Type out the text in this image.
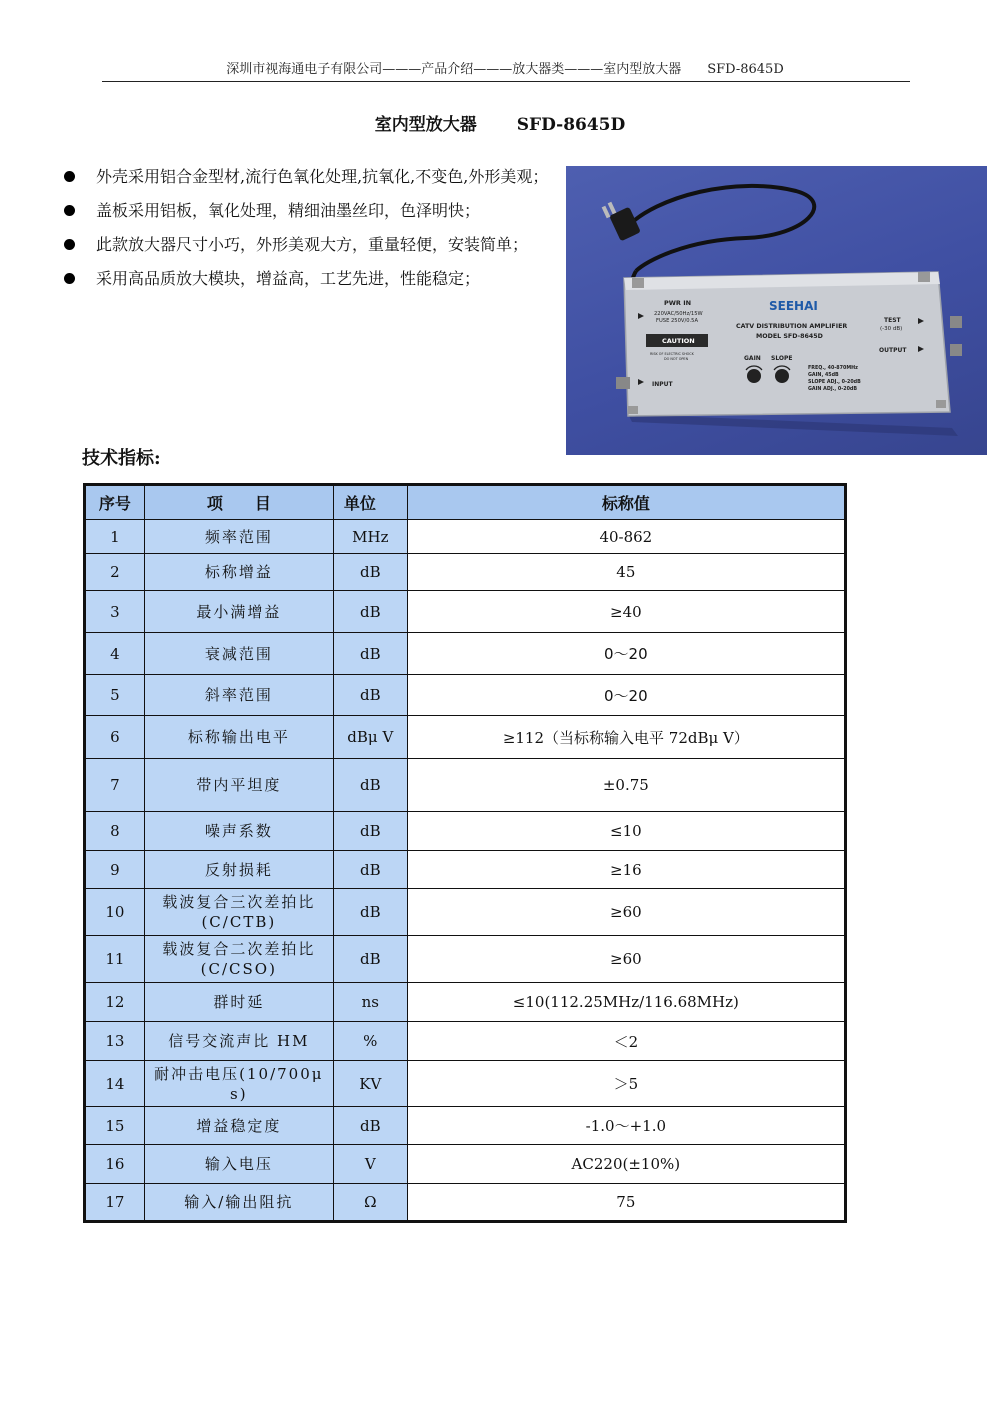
深圳市视海通电子有限公司———产品介绍———放大器类———室内型放大器　　SFD-8645D
室内型放大器 SFD-8645D
外壳采用铝合金型材,流行色氧化处理,抗氧化,不变色,外形美观；
盖板采用铝板，氧化处理，精细油墨丝印，色泽明快；
此款放大器尺寸小巧，外形美观大方，重量轻便，安装简单；
采用高品质放大模块，增益高，工艺先进，性能稳定；
PWR IN
220VAC/50Hz/15W
FUSE 250V/0.5A
CAUTION
RISK OF ELECTRIC SHOCK
DO NOT OPEN
SEEHAI
CATV DISTRIBUTION AMPLIFIER
MODEL SFD-8645D
TEST
(-30 dB)
OUTPUT
INPUT
GAIN SLOPE
FREQ., 40-870MHz
GAIN, 45dB
SLOPE ADJ., 0-20dB
GAIN ADJ., 0-20dB
技术指标:
序号	项　　目	单位	标称值
1	频率范围	MHz	40-862
2	标称增益	dB	45
3	最小满增益	dB	≥40
4	衰减范围	dB	0～20
5	斜率范围	dB	0～20
6	标称输出电平	dBμ V	≥112（当标称输入电平 72dBμ V）
7	带内平坦度	dB	±0.75
8	噪声系数	dB	≤10
9	反射损耗	dB	≥16
10	载波复合三次差拍比(C/CTB)	dB	≥60
11	载波复合二次差拍比(C/CSO)	dB	≥60
12	群时延	ns	≤10(112.25MHz/116.68MHz)
13	信号交流声比 HM	%	＜2
14	耐冲击电压(10/700μ s)	KV	＞5
15	增益稳定度	dB	-1.0～+1.0
16	输入电压	V	AC220(±10%)
17	输入/输出阻抗	Ω	75
